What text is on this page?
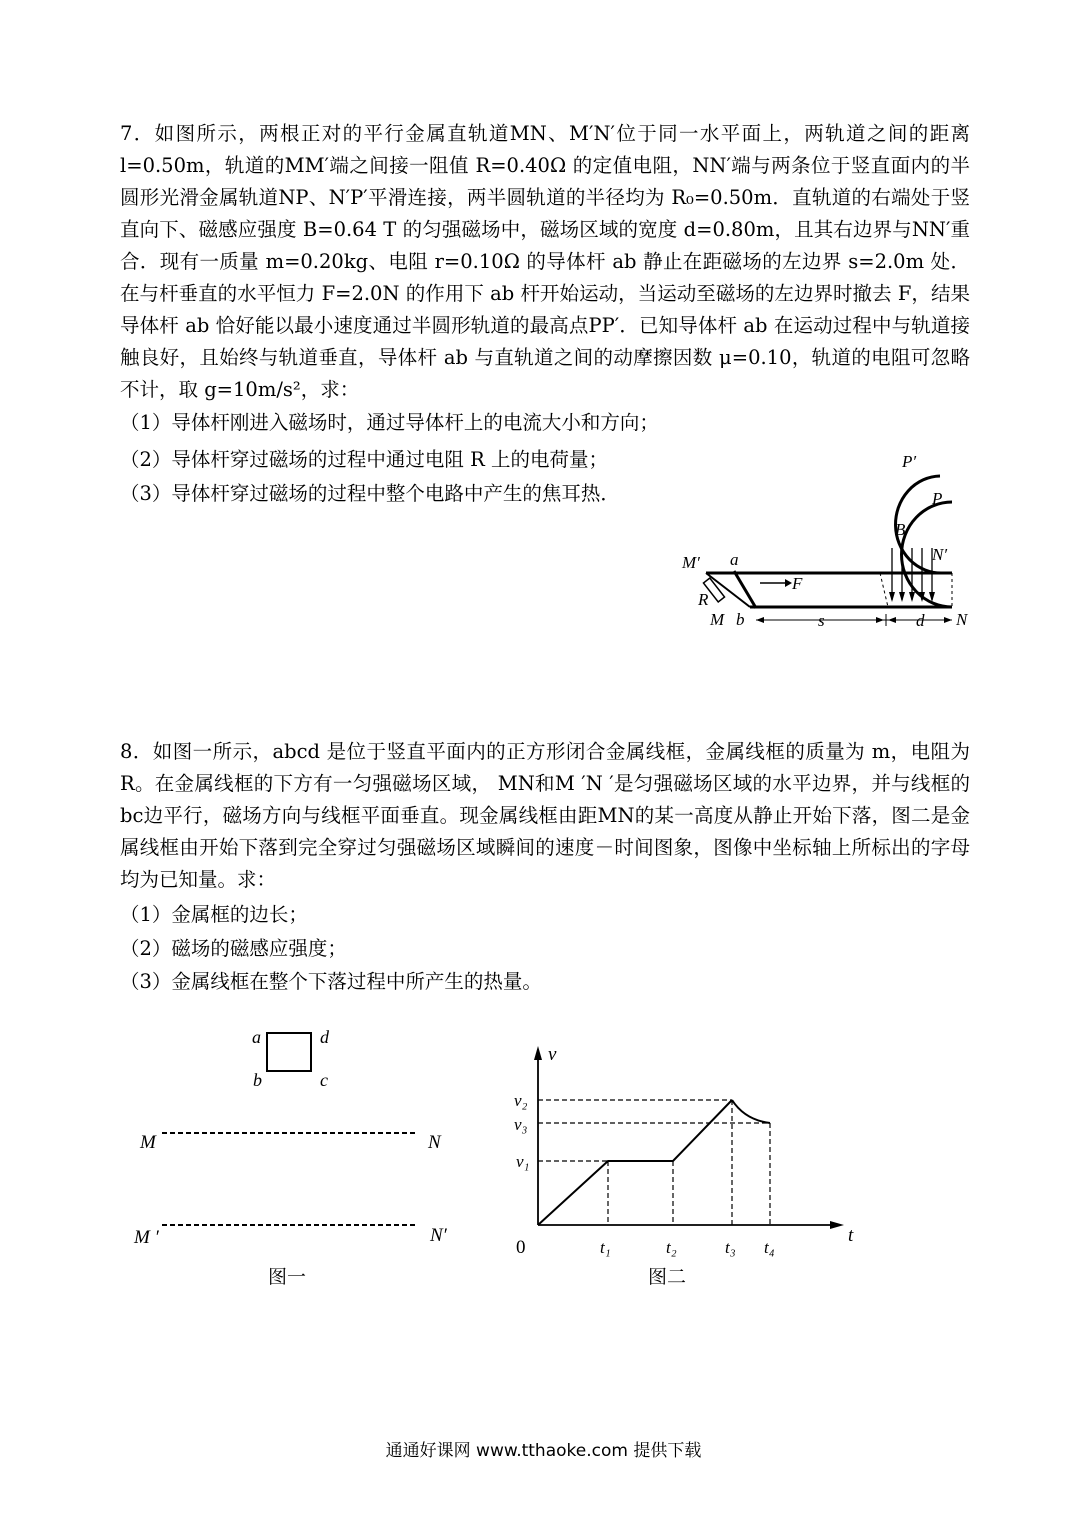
7．如图所示，两根正对的平行金属直轨道MN、M′N′位于同一水平面上，两轨道之间的距离 l=0.50m，轨道的MM′端之间接一阻值 R=0.40Ω 的定值电阻，NN′端与两条位于竖直面内的半圆形光滑金属轨道NP、N′P′平滑连接，两半圆轨道的半径均为 R₀=0.50m．直轨道的右端处于竖直向下、磁感应强度 B=0.64 T 的匀强磁场中，磁场区域的宽度 d=0.80m，且其右边界与NN′重合．现有一质量 m=0.20kg、电阻 r=0.10Ω 的导体杆 ab 静止在距磁场的左边界 s=2.0m 处．在与杆垂直的水平恒力 F=2.0N 的作用下 ab 杆开始运动，当运动至磁场的左边界时撤去 F，结果导体杆 ab 恰好能以最小速度通过半圆形轨道的最高点PP′．已知导体杆 ab 在运动过程中与轨道接触良好，且始终与轨道垂直，导体杆 ab 与直轨道之间的动摩擦因数 μ=0.10，轨道的电阻可忽略不计，取 g=10m/s²，求：

（1）导体杆刚进入磁场时，通过导体杆上的电流大小和方向；
（2）导体杆穿过磁场的过程中通过电阻 R 上的电荷量；
（3）导体杆穿过磁场的过程中整个电路中产生的焦耳热．
P′
P
B
N′
M′ a
F
R
M b	s	d N

8．如图一所示，abcd 是位于竖直平面内的正方形闭合金属线框，金属线框的质量为 m，电阻为R。在金属线框的下方有一匀强磁场区域， MN和M ′N ′是匀强磁场区域的水平边界，并与线框的bc边平行，磁场方向与线框平面垂直。现金属线框由距MN的某一高度从静止开始下落，图二是金属线框由开始下落到完全穿过匀强磁场区域瞬间的速度－时间图象，图像中坐标轴上所标出的字母均为已知量。求：

（1）金属框的边长；
（2）磁场的磁感应强度；
（3）金属线框在整个下落过程中所产生的热量。
a	d
b	c
M	N
M ′	N′
图一
v
t
0
v₂
v₃
v₁
t₁	t₂	t₃ t₄
图二
通通好课网 www.tthaoke.com 提供下载
